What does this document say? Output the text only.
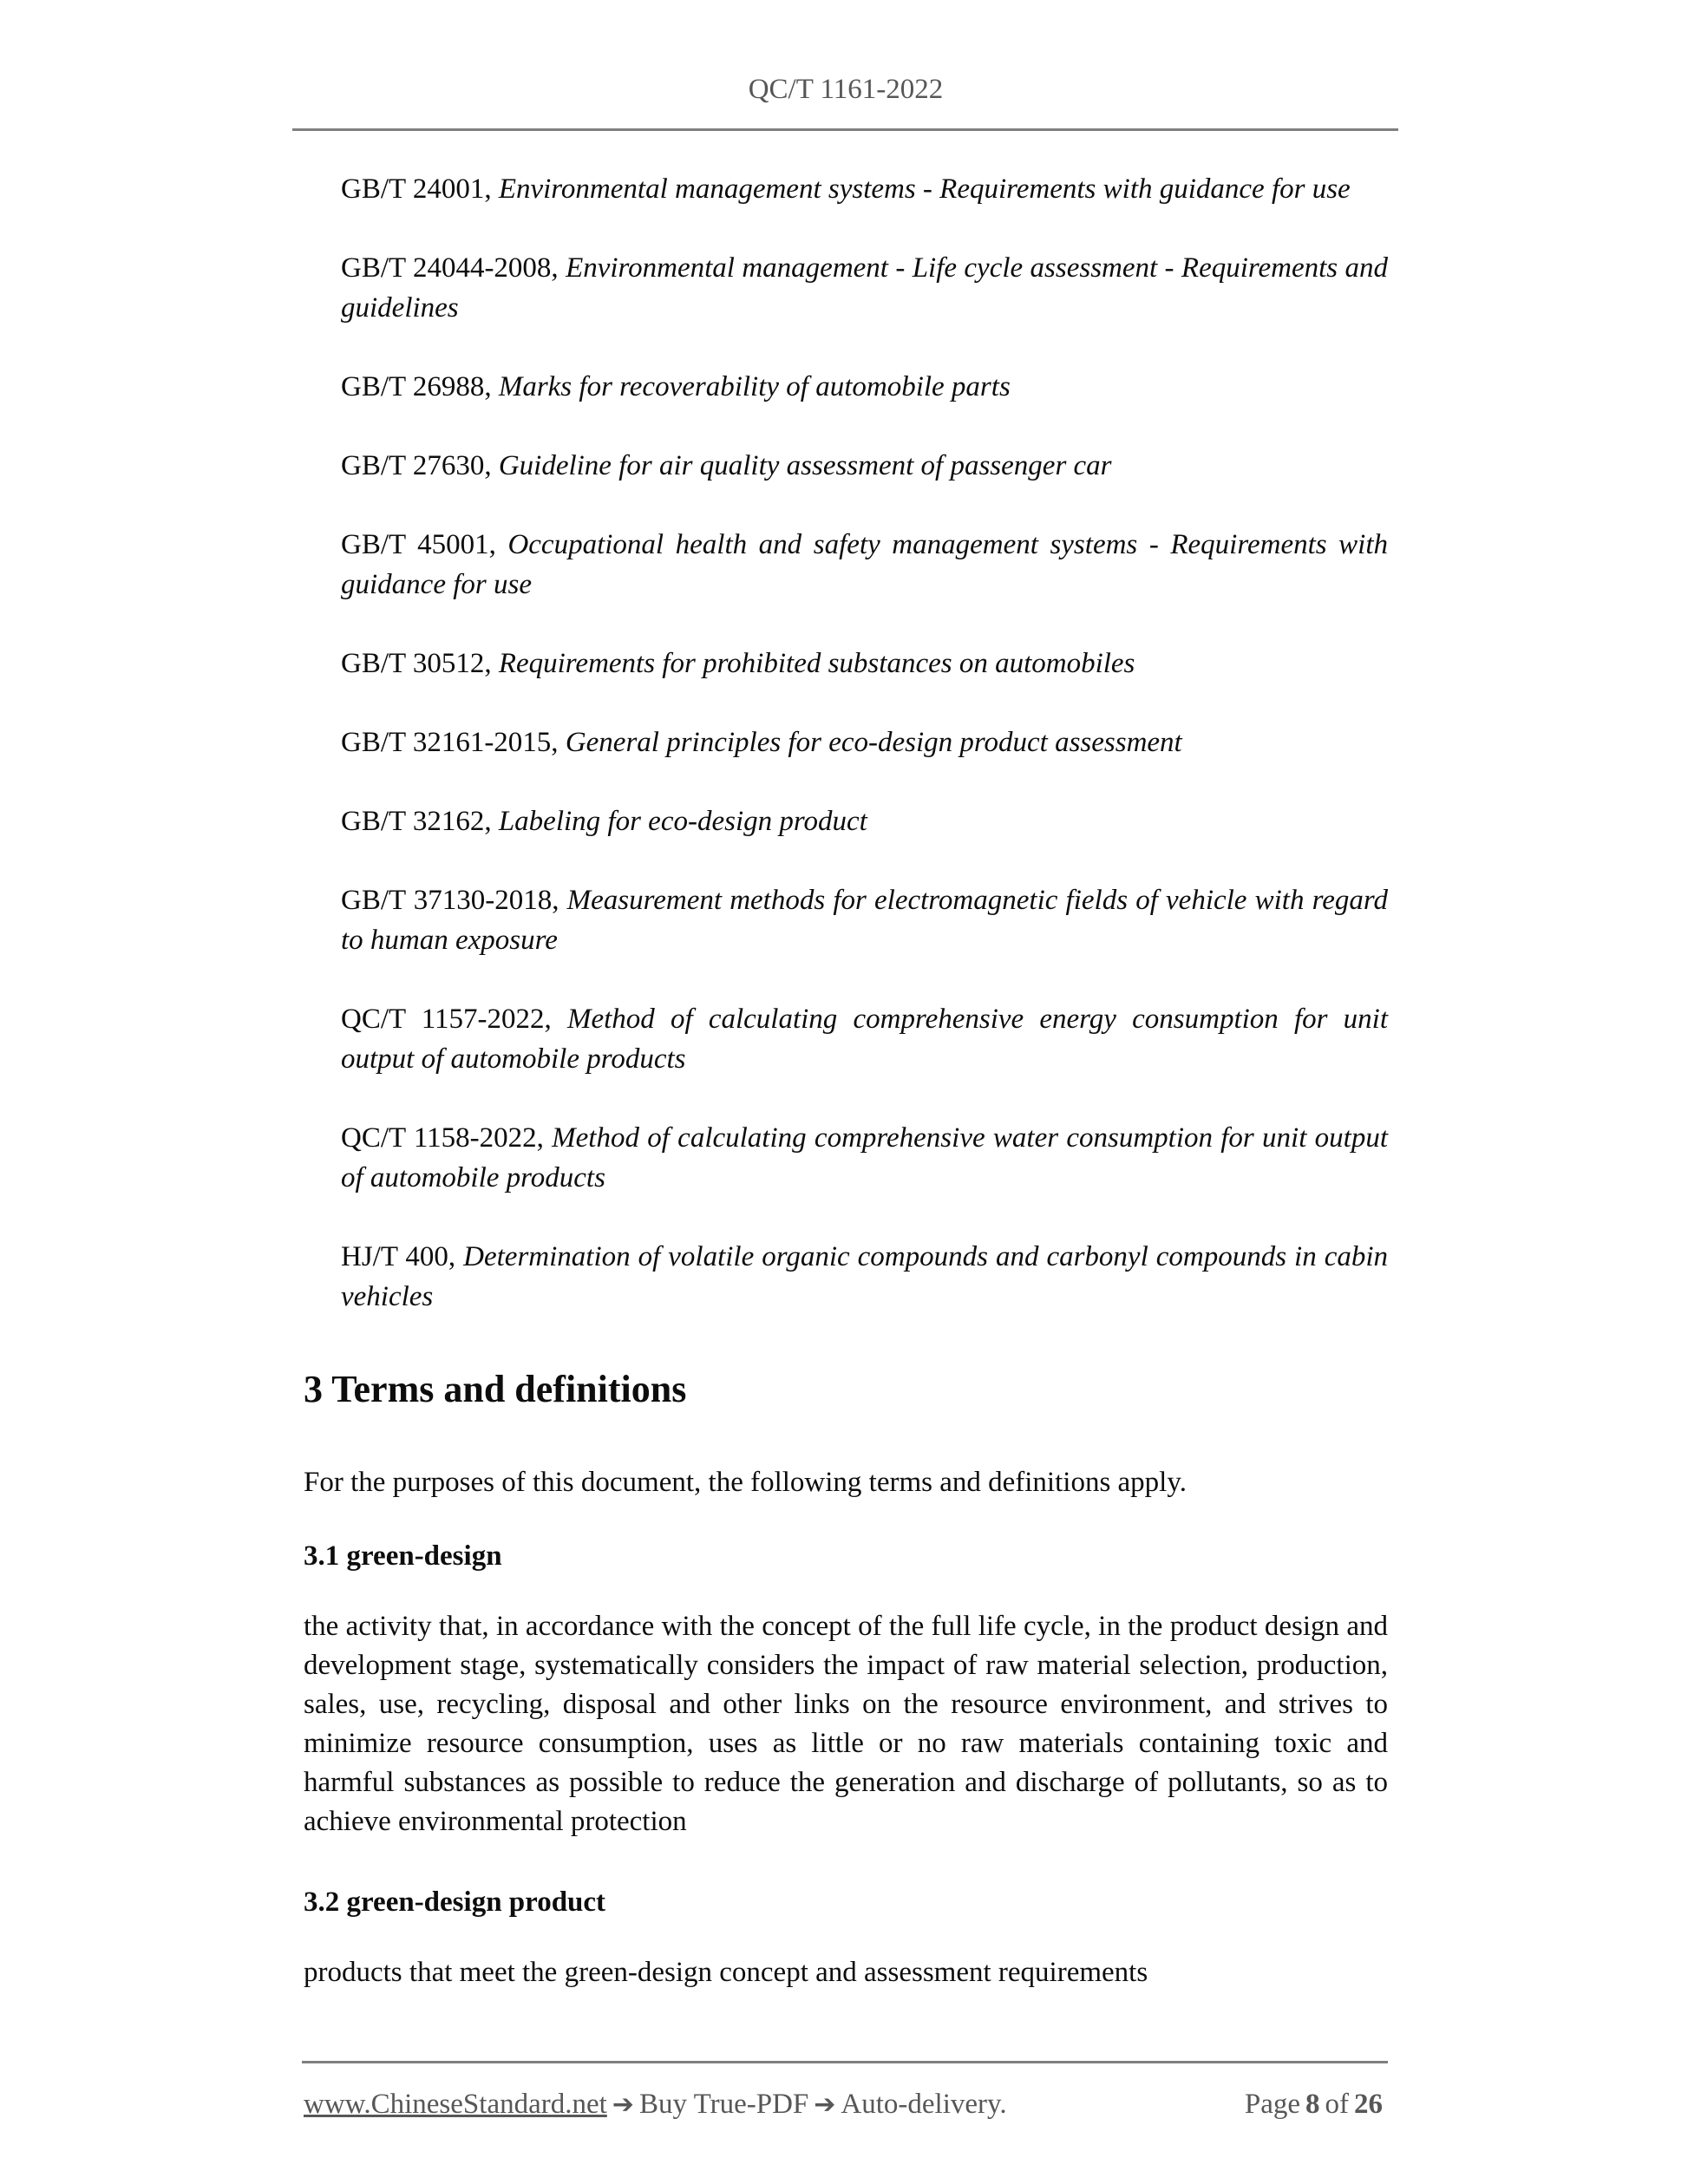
QC/T 1161-2022

GB/T 24001, Environmental management systems - Requirements with guidance for use

GB/T 24044-2008, Environmental management - Life cycle assessment - Requirements and guidelines

GB/T 26988, Marks for recoverability of automobile parts

GB/T 27630, Guideline for air quality assessment of passenger car

GB/T 45001, Occupational health and safety management systems - Requirements with guidance for use

GB/T 30512, Requirements for prohibited substances on automobiles

GB/T 32161-2015, General principles for eco-design product assessment

GB/T 32162, Labeling for eco-design product

GB/T 37130-2018, Measurement methods for electromagnetic fields of vehicle with regard to human exposure

QC/T 1157-2022, Method of calculating comprehensive energy consumption for unit output of automobile products

QC/T 1158-2022, Method of calculating comprehensive water consumption for unit output of automobile products

HJ/T 400, Determination of volatile organic compounds and carbonyl compounds in cabin vehicles

3 Terms and definitions

For the purposes of this document, the following terms and definitions apply.

3.1 green-design

the activity that, in accordance with the concept of the full life cycle, in the product design and development stage, systematically considers the impact of raw material selection, production, sales, use, recycling, disposal and other links on the resource environment, and strives to minimize resource consumption, uses as little or no raw materials containing toxic and harmful substances as possible to reduce the generation and discharge of pollutants, so as to achieve environmental protection

3.2 green-design product

products that meet the green-design concept and assessment requirements

www.ChineseStandard.net ➔ Buy True-PDF ➔ Auto-delivery.	Page 8 of 26
